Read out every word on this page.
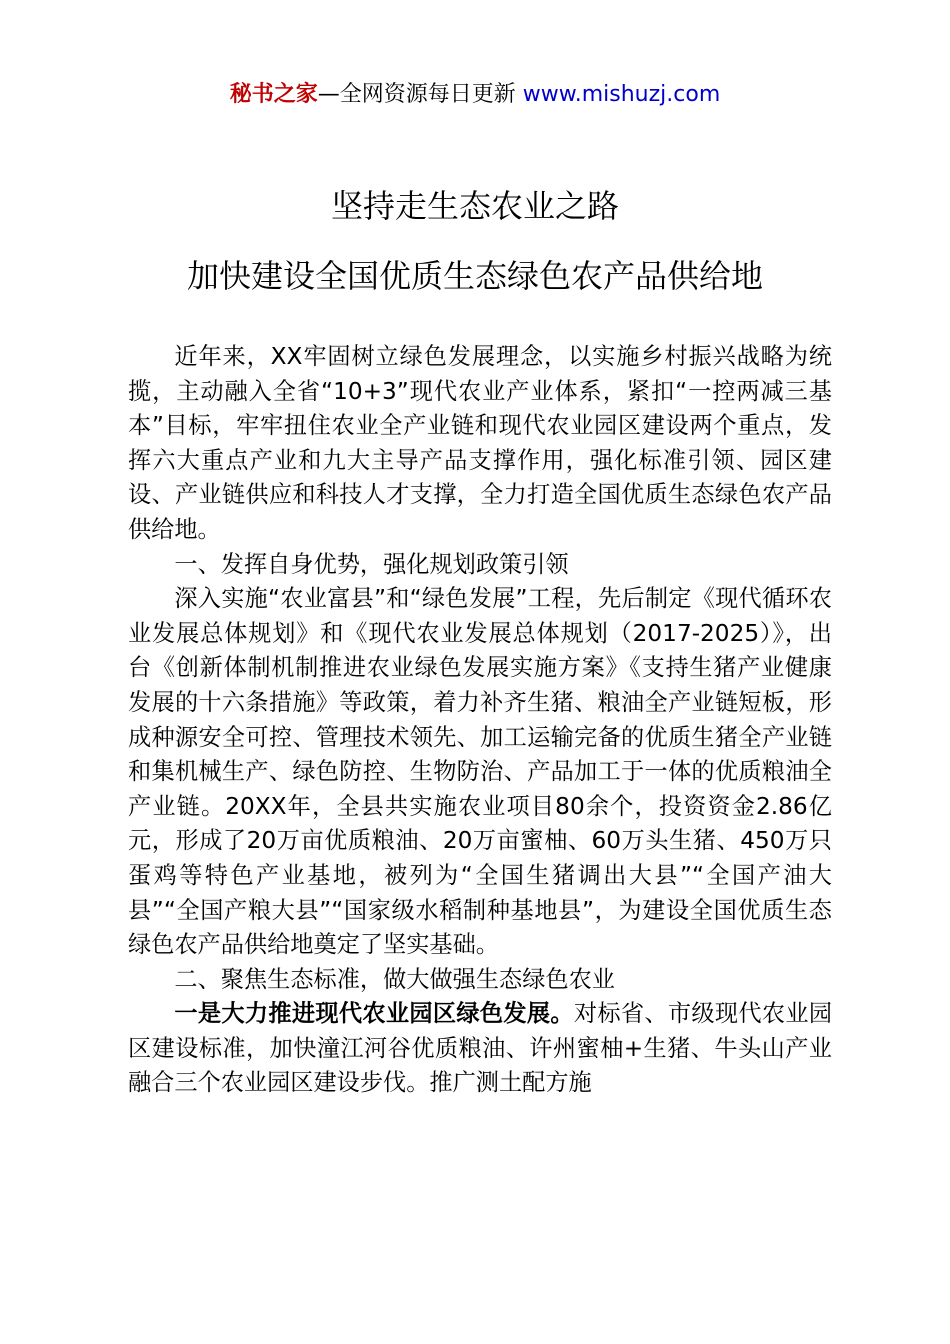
秘书之家—全网资源每日更新 www.mishuzj.com
坚持走生态农业之路
加快建设全国优质生态绿色农产品供给地

近年来，XX牢固树立绿色发展理念，以实施乡村振兴战略为统揽，主动融入全省“10+3”现代农业产业体系，紧扣“一控两减三基本”目标，牢牢扭住农业全产业链和现代农业园区建设两个重点，发挥六大重点产业和九大主导产品支撑作用，强化标准引领、园区建设、产业链供应和科技人才支撑，全力打造全国优质生态绿色农产品供给地。

一、发挥自身优势，强化规划政策引领

深入实施“农业富县”和“绿色发展”工程，先后制定《现代循环农业发展总体规划》和《现代农业发展总体规划（2017-2025）》，出台《创新体制机制推进农业绿色发展实施方案》《支持生猪产业健康发展的十六条措施》等政策，着力补齐生猪、粮油全产业链短板，形成种源安全可控、管理技术领先、加工运输完备的优质生猪全产业链和集机械生产、绿色防控、生物防治、产品加工于一体的优质粮油全产业链。20XX年，全县共实施农业项目80余个，投资资金2.86亿元，形成了20万亩优质粮油、20万亩蜜柚、60万头生猪、450万只蛋鸡等特色产业基地，被列为“全国生猪调出大县”“全国产油大县”“全国产粮大县”“国家级水稻制种基地县”，为建设全国优质生态绿色农产品供给地奠定了坚实基础。

二、聚焦生态标准，做大做强生态绿色农业

一是大力推进现代农业园区绿色发展。对标省、市级现代农业园区建设标准，加快潼江河谷优质粮油、许州蜜柚+生猪、牛头山产业融合三个农业园区建设步伐。推广测土配方施
